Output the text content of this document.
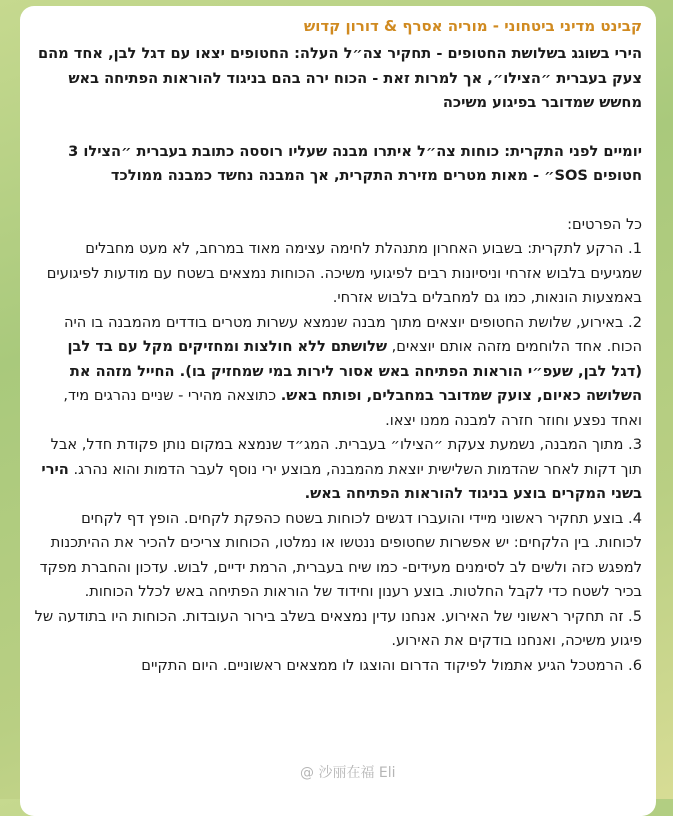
קבינט מדיני ביטחוני - מוריה אסרף & דורון קדוש

הירי בשוגג בשלושת החטופים - תחקיר צה״ל העלה: החטופים יצאו עם דגל לבן, אחד מהם צעק בעברית ״הצילו״, אך למרות זאת - הכוח ירה בהם בניגוד להוראות הפתיחה באש מחשש שמדובר בפיגוע משיכה

יומיים לפני התקרית: כוחות צה״ל איתרו מבנה שעליו רוססה כתובת בעברית ״הצילו 3 חטופים SOS״ - מאות מטרים מזירת התקרית, אך המבנה נחשד כמבנה ממולכד

כל הפרטים:

1. הרקע לתקרית: בשבוע האחרון מתנהלת לחימה עצימה מאוד במרחב, לא מעט מחבלים שמגיעים בלבוש אזרחי וניסיונות רבים לפיגועי משיכה. הכוחות נמצאים בשטח עם מודעות לפיגועים באמצעות הונאות, כמו גם למחבלים בלבוש אזרחי.

2. באירוע, שלושת החטופים יוצאים מתוך מבנה שנמצא עשרות מטרים בודדים מהמבנה בו היה הכוח. אחד הלוחמים מזהה אותם יוצאים, שלושתם ללא חולצות ומחזיקים מקל עם בד לבן (דגל לבן, שעפ״י הוראות הפתיחה באש אסור לירות במי שמחזיק בו). החייל מזהה את השלושה כאיום, צועק שמדובר במחבלים, ופותח באש. כתוצאה מהירי - שניים נהרגים מיד, ואחד נפצע וחוזר חזרה למבנה ממנו יצאו.

3. מתוך המבנה, נשמעת צעקת ״הצילו״ בעברית. המג״ד שנמצא במקום נותן פקודת חדל, אבל תוך דקות לאחר שהדמות השלישית יוצאת מהמבנה, מבוצע ירי נוסף לעבר הדמות והוא נהרג. הירי בשני המקרים בוצע בניגוד להוראות הפתיחה באש.

4. בוצע תחקיר ראשוני מיידי והועברו דגשים לכוחות בשטח כהפקת לקחים. הופץ דף לקחים לכוחות. בין הלקחים: יש אפשרות שחטופים ננטשו או נמלטו, הכוחות צריכים להכיר את ההיתכנות למפגש כזה ולשים לב לסימנים מעידים- כמו שיח בעברית, הרמת ידיים, לבוש. עדכון והחברת מפקד בכיר לשטח כדי לקבל החלטות. בוצע רענון וחידוד של הוראות הפתיחה באש לכלל הכוחות.

5. זה תחקיר ראשוני של האירוע. אנחנו עדין נמצאים בשלב בירור העובדות. הכוחות היו בתודעה של פיגוע משיכה, ואנחנו בודקים את האירוע.

6. הרמטכל הגיע אתמול לפיקוד הדרום והוצגו לו ממצאים ראשוניים. היום התקיים

@ 沙丽在福 Eli
